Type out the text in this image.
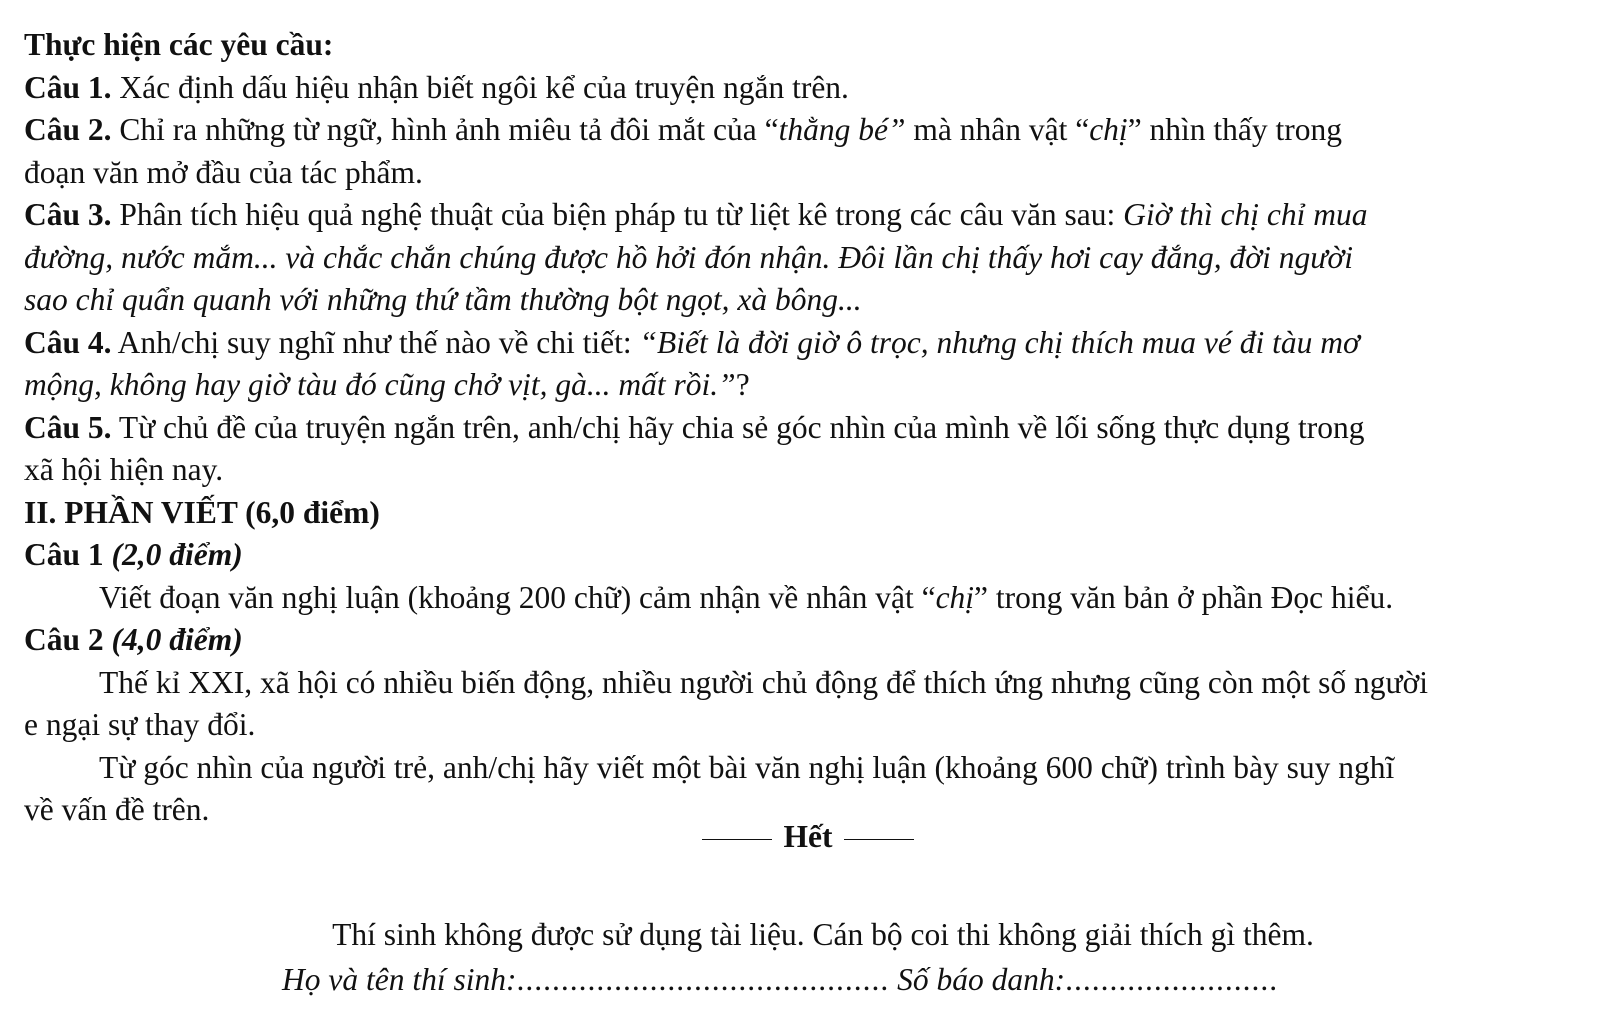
Thực hiện các yêu cầu:
Câu 1. Xác định dấu hiệu nhận biết ngôi kể của truyện ngắn trên.
Câu 2. Chỉ ra những từ ngữ, hình ảnh miêu tả đôi mắt của “thằng bé” mà nhân vật “chị” nhìn thấy trong
đoạn văn mở đầu của tác phẩm.
Câu 3. Phân tích hiệu quả nghệ thuật của biện pháp tu từ liệt kê trong các câu văn sau: Giờ thì chị chỉ mua
đường, nước mắm... và chắc chắn chúng được hồ hởi đón nhận. Đôi lần chị thấy hơi cay đắng, đời người
sao chỉ quẩn quanh với những thứ tầm thường bột ngọt, xà bông...
Câu 4. Anh/chị suy nghĩ như thế nào về chi tiết: “Biết là đời giờ ô trọc, nhưng chị thích mua vé đi tàu mơ
mộng, không hay giờ tàu đó cũng chở vịt, gà... mất rồi.”?
Câu 5. Từ chủ đề của truyện ngắn trên, anh/chị hãy chia sẻ góc nhìn của mình về lối sống thực dụng trong
xã hội hiện nay.
II. PHẦN VIẾT (6,0 điểm)
Câu 1 (2,0 điểm)
Viết đoạn văn nghị luận (khoảng 200 chữ) cảm nhận về nhân vật “chị” trong văn bản ở phần Đọc hiểu.
Câu 2 (4,0 điểm)
Thế kỉ XXI, xã hội có nhiều biến động, nhiều người chủ động để thích ứng nhưng cũng còn một số người
e ngại sự thay đổi.
Từ góc nhìn của người trẻ, anh/chị hãy viết một bài văn nghị luận (khoảng 600 chữ) trình bày suy nghĩ
về vấn đề trên.
Hết
Thí sinh không được sử dụng tài liệu. Cán bộ coi thi không giải thích gì thêm.
Họ và tên thí sinh:.......................................... Số báo danh:........................
